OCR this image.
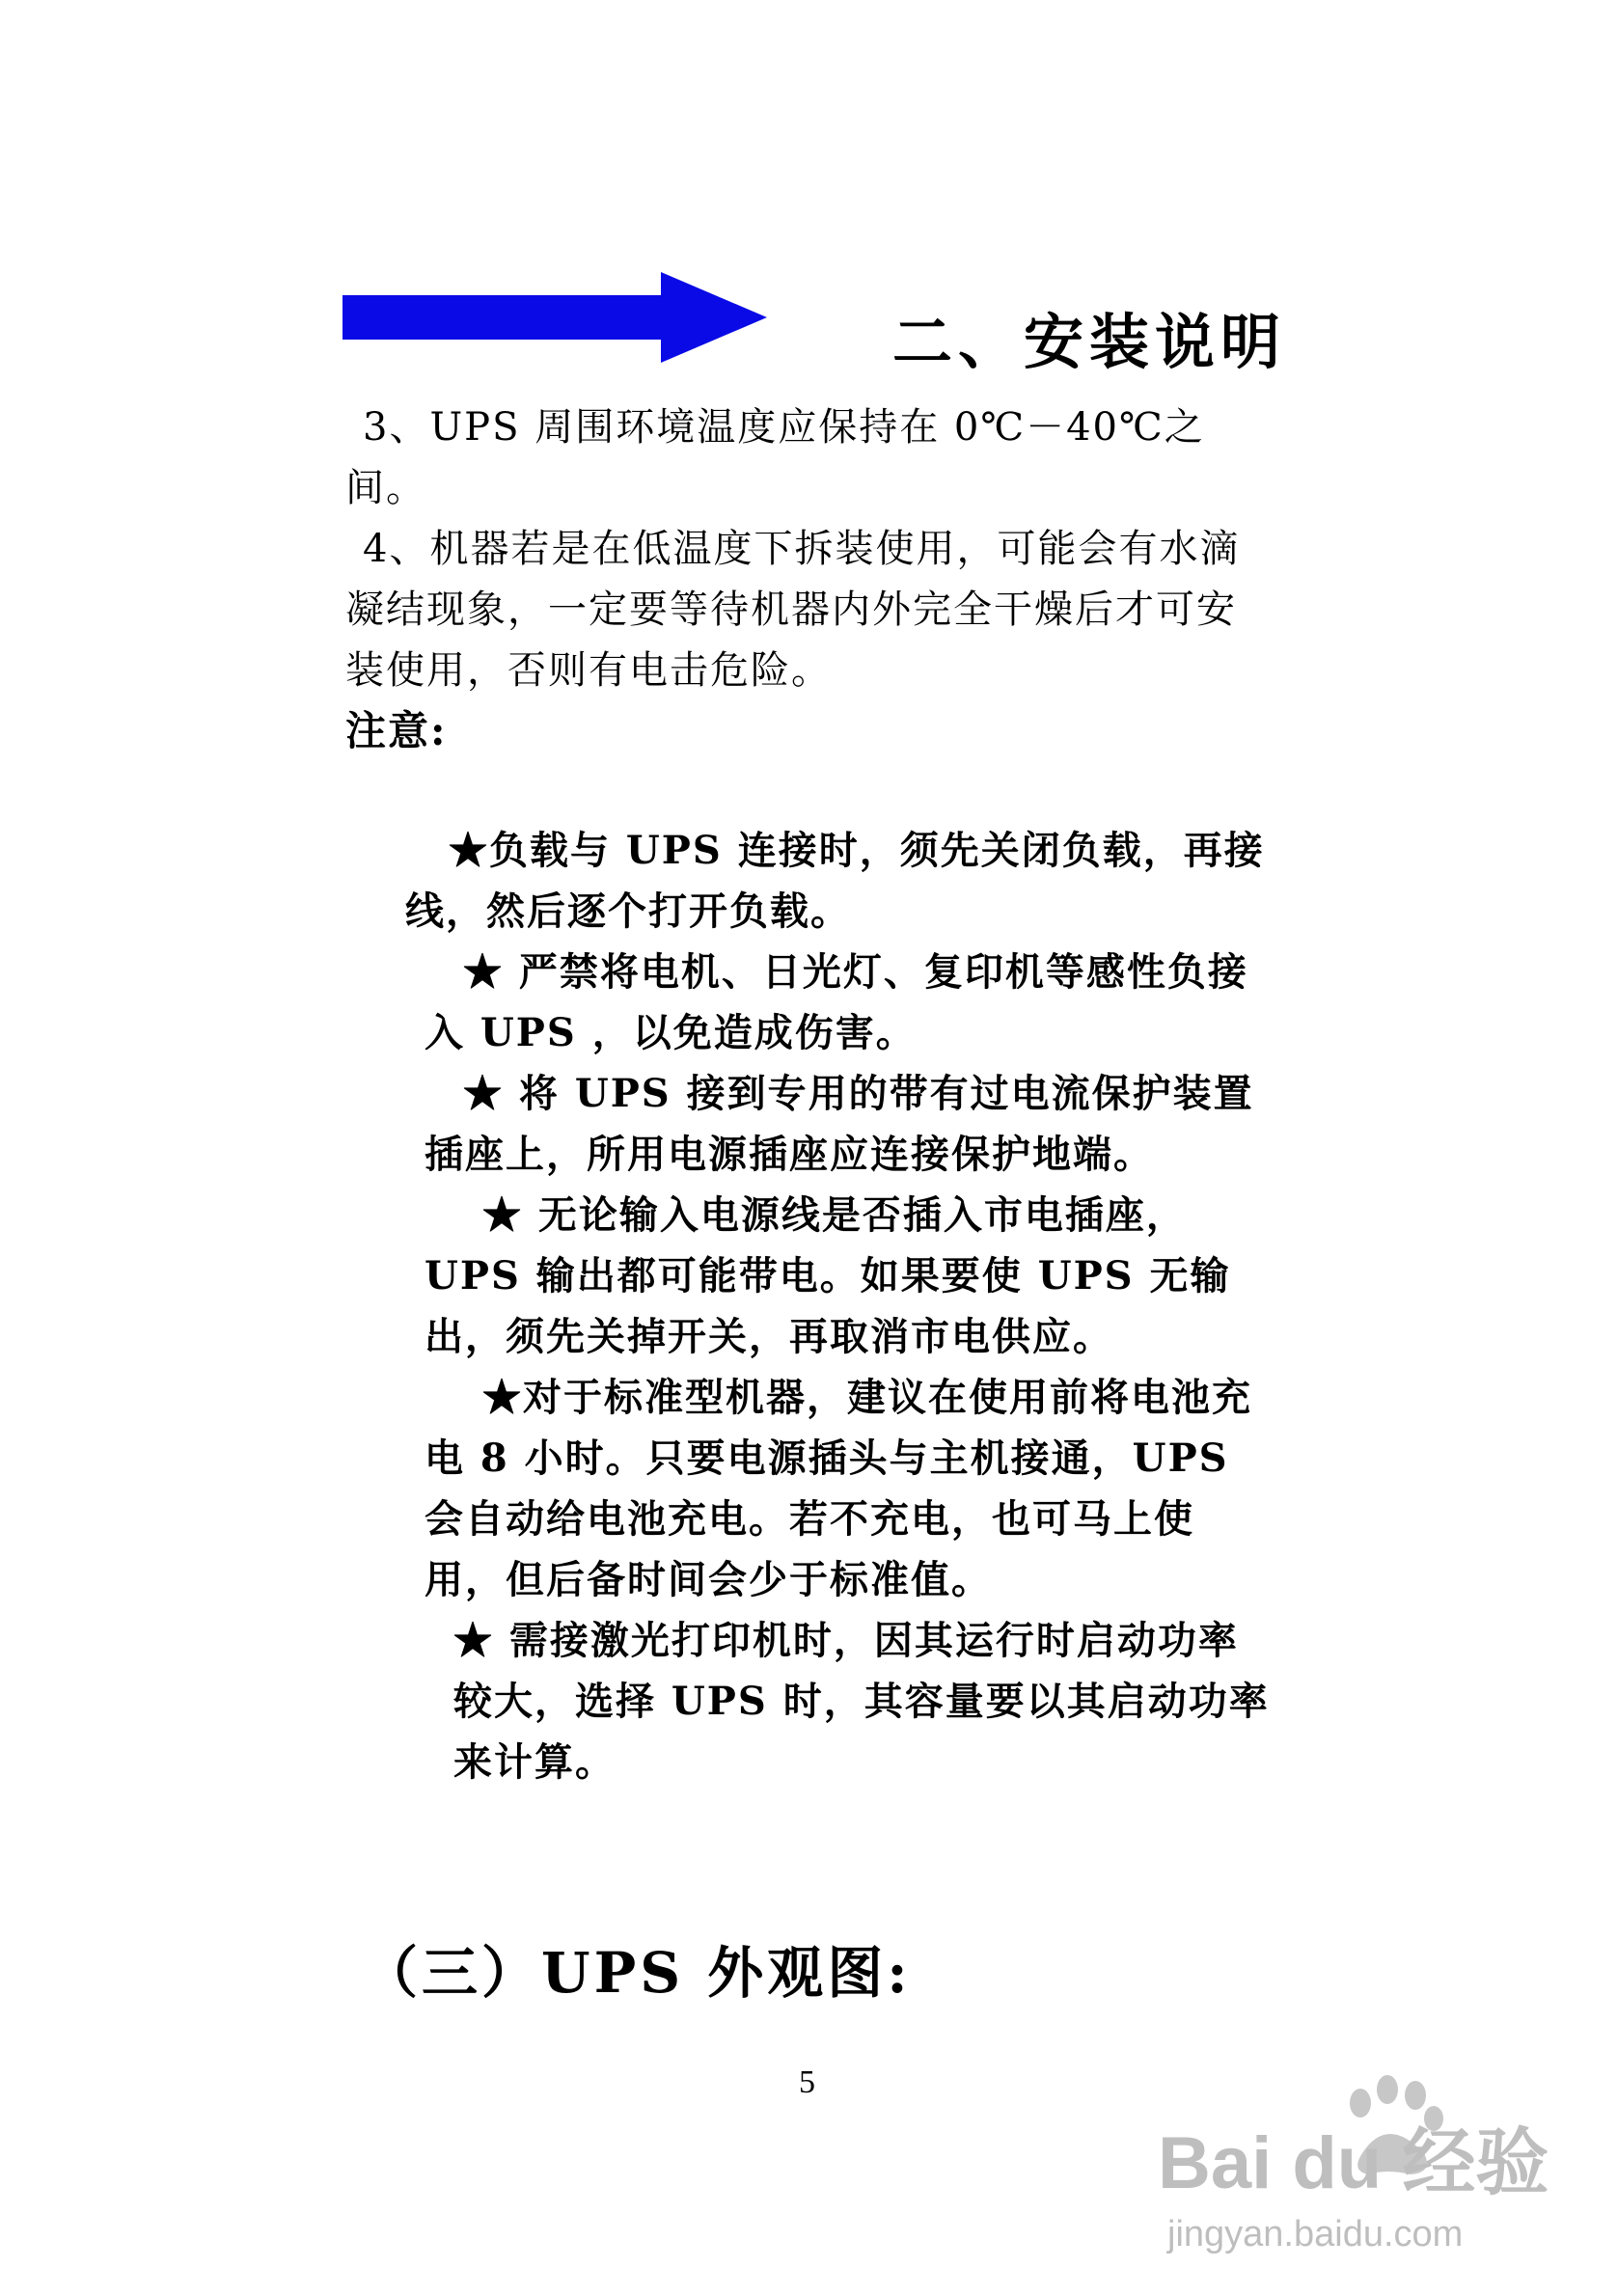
二、安装说明

3、UPS 周围环境温度应保持在 0℃－40℃之间。

4、机器若是在低温度下拆装使用，可能会有水滴凝结现象，一定要等待机器内外完全干燥后才可安装使用，否则有电击危险。

注意:

★负载与 UPS 连接时，须先关闭负载，再接线，然后逐个打开负载。

★ 严禁将电机、日光灯、复印机等感性负接入 UPS ，以免造成伤害。

★ 将 UPS 接到专用的带有过电流保护装置插座上，所用电源插座应连接保护地端。

★ 无论输入电源线是否插入市电插座，UPS 输出都可能带电。如果要使 UPS 无输出，须先关掉开关，再取消市电供应。

★对于标准型机器，建议在使用前将电池充电 8 小时。只要电源插头与主机接通，UPS 会自动给电池充电。若不充电，也可马上使用，但后备时间会少于标准值。

★ 需接激光打印机时，因其运行时启动功率较大，选择 UPS 时，其容量要以其启动功率来计算。

（三）UPS 外观图:
5
Bai du 经验
jingyan.baidu.com
